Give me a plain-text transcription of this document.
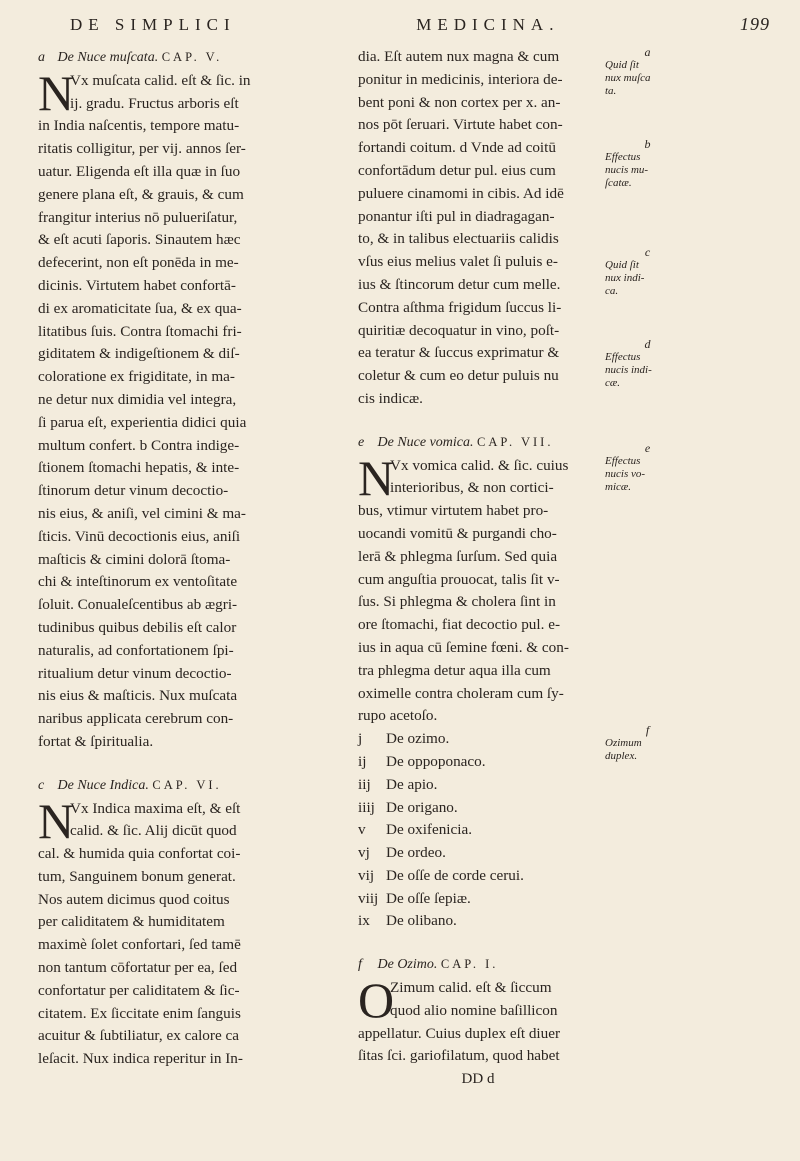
DE SIMPLICI	MEDICINA.	199
a De Nuce muſcata. CAP. V.
N
Vx muſcata calid. eſt & ſic. in
ij. gradu. Fructus arboris eſt
in India naſcentis, tempore matu-
ritatis colligitur, per vij. annos ſer-
uatur. Eligenda eſt illa quæ in ſuo
genere plana eſt, & grauis, & cum
frangitur interius nō pulueriſatur,
& eſt acuti ſaporis. Sinautem hæc
defecerint, non eſt ponēda in me-
dicinis. Virtutem habet confortā-
di ex aromaticitate ſua, & ex qua-
litatibus ſuis. Contra ſtomachi fri-
giditatem & indigeſtionem & diſ-
coloratione ex frigiditate, in ma-
ne detur nux dimidia vel integra,
ſi parua eſt, experientia didici quia
multum confert. b Contra indige-
ſtionem ſtomachi hepatis, & inte-
ſtinorum detur vinum decoctio-
nis eius, & aniſi, vel cimini & ma-
ſticis. Vinū decoctionis eius, aniſi
maſticis & cimini dolorā ſtoma-
chi & inteſtinorum ex ventoſitate
ſoluit. Conualeſcentibus ab ægri-
tudinibus quibus debilis eſt calor
naturalis, ad confortationem ſpi-
ritualium detur vinum decoctio-
nis eius & maſticis. Nux muſcata
naribus applicata cerebrum con-
fortat & ſpiritualia.
c De Nuce Indica. CAP. VI.
N
Vx Indica maxima eſt, & eſt
calid. & ſic. Alij dicūt quod
cal. & humida quia confortat coi-
tum, Sanguinem bonum generat.
Nos autem dicimus quod coitus
per caliditatem & humiditatem
maximè ſolet confortari, ſed tamē
non tantum cōfortatur per ea, ſed
confortatur per caliditatem & ſic-
citatem. Ex ſiccitate enim ſanguis
acuitur & ſubtiliatur, ex calore ca
leſacit. Nux indica reperitur in In-
dia. Eſt autem nux magna & cum
ponitur in medicinis, interiora de-
bent poni & non cortex per x. an-
nos pōt ſeruari. Virtute habet con-
fortandi coitum. d Vnde ad coitū
confortādum detur pul. eius cum
puluere cinamomi in cibis. Ad idē
ponantur iſti pul in diadragagan-
to, & in talibus electuariis calidis
vſus eius melius valet ſi puluis e-
ius & ſtincorum detur cum melle.
Contra aſthma frigidum ſuccus li-
quiritiæ decoquatur in vino, poſt-
ea teratur & ſuccus exprimatur &
coletur & cum eo detur puluis nu
cis indicæ.
e De Nuce vomica. CAP. VII.
N
Vx vomica calid. & ſic. cuius
interioribus, & non cortici-
bus, vtimur virtutem habet pro-
uocandi vomitū & purgandi cho-
lerā & phlegma ſurſum. Sed quia
cum anguſtia prouocat, talis ſit v-
ſus. Si phlegma & cholera ſint in
ore ſtomachi, fiat decoctio pul. e-
ius in aqua cū ſemine fœni. & con-
tra phlegma detur aqua illa cum
oximelle contra choleram cum ſy-
rupo acetoſo.
j	De ozimo.
ij	De oppoponaco.
iij	De apio.
iiij De origano.
v	De oxifenicia.
vj	De ordeo.
vij De oſſe de corde cerui.
viij De oſſe ſepiæ.
ix	De olibano.
f De Ozimo. CAP. I.
O
Zimum calid. eſt & ſiccum
quod alio nomine baſillicon
appellatur. Cuius duplex eſt diuer
ſitas ſci. gariofilatum, quod habet
DD d
a
Quid ſit
nux muſca
ta.
b
Effectus
nucis mu-
ſcatæ.
c
Quid ſit
nux indi-
ca.
d
Effectus
nucis indi-
cæ.
e
Effectus
nucis vo-
micæ.
f
Ozimum
duplex.
